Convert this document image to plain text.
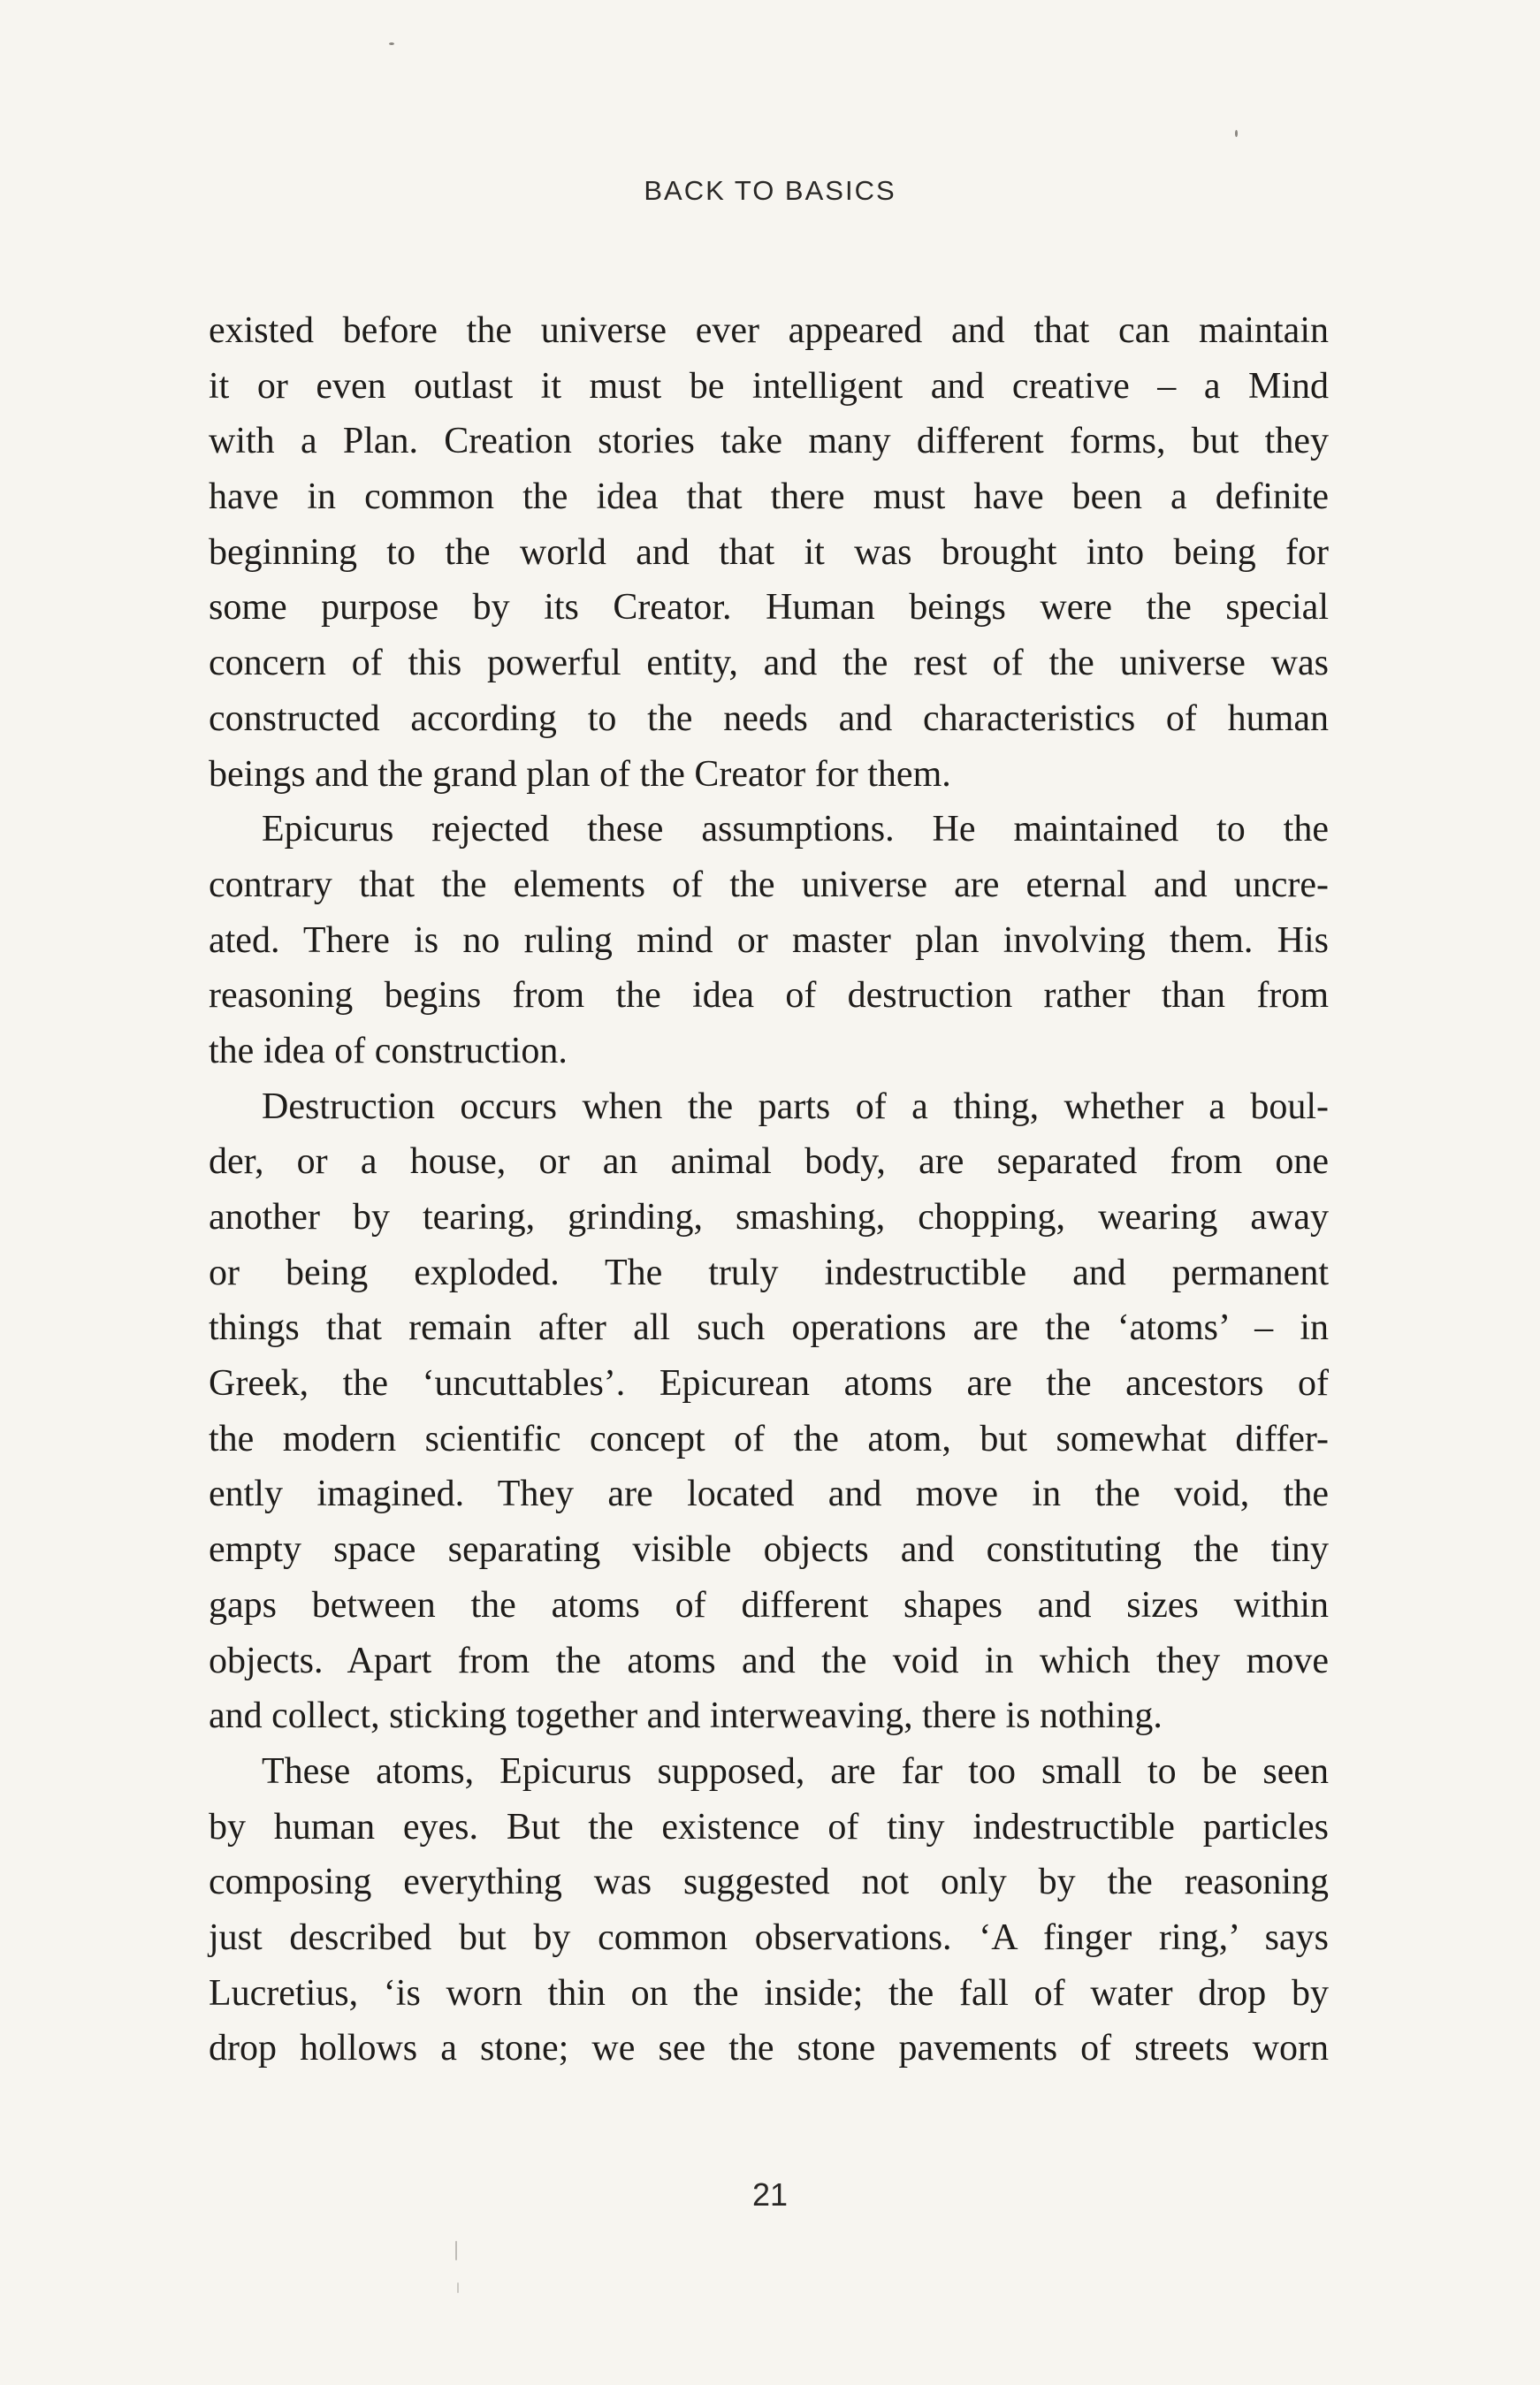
BACK TO BASICS
existed before the universe ever appeared and that can maintain
it or even outlast it must be intelligent and creative – a Mind
with a Plan. Creation stories take many different forms, but they
have in common the idea that there must have been a definite
beginning to the world and that it was brought into being for
some purpose by its Creator. Human beings were the special
concern of this powerful entity, and the rest of the universe was
constructed according to the needs and characteristics of human
beings and the grand plan of the Creator for them.
Epicurus rejected these assumptions. He maintained to the
contrary that the elements of the universe are eternal and uncre-
ated. There is no ruling mind or master plan involving them. His
reasoning begins from the idea of destruction rather than from
the idea of construction.
Destruction occurs when the parts of a thing, whether a boul-
der, or a house, or an animal body, are separated from one
another by tearing, grinding, smashing, chopping, wearing away
or being exploded. The truly indestructible and permanent
things that remain after all such operations are the ‘atoms’ – in
Greek, the ‘uncuttables’. Epicurean atoms are the ancestors of
the modern scientific concept of the atom, but somewhat differ-
ently imagined. They are located and move in the void, the
empty space separating visible objects and constituting the tiny
gaps between the atoms of different shapes and sizes within
objects. Apart from the atoms and the void in which they move
and collect, sticking together and interweaving, there is nothing.
These atoms, Epicurus supposed, are far too small to be seen
by human eyes. But the existence of tiny indestructible particles
composing everything was suggested not only by the reasoning
just described but by common observations. ‘A finger ring,’ says
Lucretius, ‘is worn thin on the inside; the fall of water drop by
drop hollows a stone; we see the stone pavements of streets worn
21
